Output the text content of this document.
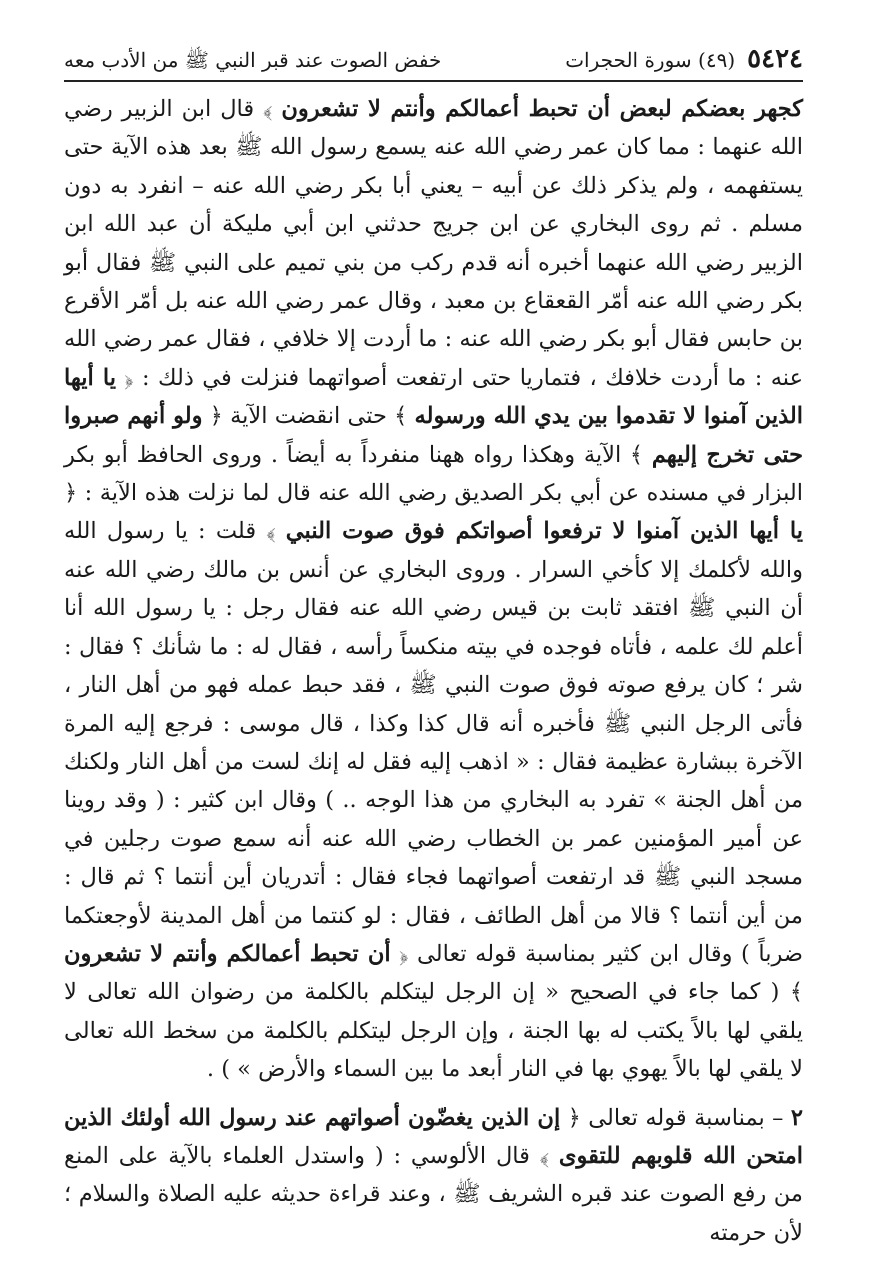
٥٤٢٤
(٤٩) سورة الحجرات
خفض الصوت عند قبر النبي ﷺ من الأدب معه

كجهر بعضكم لبعض أن تحبط أعمالكم وأنتم لا تشعرون ﴾ قال ابن الزبير رضي الله عنهما : مما كان عمر رضي الله عنه يسمع رسول الله ﷺ بعد هذه الآية حتى يستفهمه ، ولم يذكر ذلك عن أبيه – يعني أبا بكر رضي الله عنه – انفرد به دون مسلم . ثم روى البخاري عن ابن جريج حدثني ابن أبي مليكة أن عبد الله ابن الزبير رضي الله عنهما أخبره أنه قدم ركب من بني تميم على النبي ﷺ فقال أبو بكر رضي الله عنه أمّر القعقاع بن معبد ، وقال عمر رضي الله عنه بل أمّر الأقرع بن حابس فقال أبو بكر رضي الله عنه : ما أردت إلا خلافي ، فقال عمر رضي الله عنه : ما أردت خلافك ، فتماريا حتى ارتفعت أصواتهما فنزلت في ذلك : ﴿ يا أيها الذين آمنوا لا تقدموا بين يدي الله ورسوله ﴾ حتى انقضت الآية ﴿ ولو أنهم صبروا حتى تخرج إليهم ﴾ الآية وهكذا رواه ههنا منفرداً به أيضاً . وروى الحافظ أبو بكر البزار في مسنده عن أبي بكر الصديق رضي الله عنه قال لما نزلت هذه الآية : ﴿ يا أيها الذين آمنوا لا ترفعوا أصواتكم فوق صوت النبي ﴾ قلت : يا رسول الله والله لأكلمك إلا كأخي السرار . وروى البخاري عن أنس بن مالك رضي الله عنه أن النبي ﷺ افتقد ثابت بن قيس رضي الله عنه فقال رجل : يا رسول الله أنا أعلم لك علمه ، فأتاه فوجده في بيته منكساً رأسه ، فقال له : ما شأنك ؟ فقال : شر ؛ كان يرفع صوته فوق صوت النبي ﷺ ، فقد حبط عمله فهو من أهل النار ، فأتى الرجل النبي ﷺ فأخبره أنه قال كذا وكذا ، قال موسى : فرجع إليه المرة الآخرة ببشارة عظيمة فقال : « اذهب إليه فقل له إنك لست من أهل النار ولكنك من أهل الجنة » تفرد به البخاري من هذا الوجه .. ) وقال ابن كثير : ( وقد روينا عن أمير المؤمنين عمر بن الخطاب رضي الله عنه أنه سمع صوت رجلين في مسجد النبي ﷺ قد ارتفعت أصواتهما فجاء فقال : أتدريان أين أنتما ؟ ثم قال : من أين أنتما ؟ قالا من أهل الطائف ، فقال : لو كنتما من أهل المدينة لأوجعتكما ضرباً ) وقال ابن كثير بمناسبة قوله تعالى ﴿ أن تحبط أعمالكم وأنتم لا تشعرون ﴾ ( كما جاء في الصحيح « إن الرجل ليتكلم بالكلمة من رضوان الله تعالى لا يلقي لها بالاً يكتب له بها الجنة ، وإن الرجل ليتكلم بالكلمة من سخط الله تعالى لا يلقي لها بالاً يهوي بها في النار أبعد ما بين السماء والأرض » ) .

٢ – بمناسبة قوله تعالى ﴿ إن الذين يغضّون أصواتهم عند رسول الله أولئك الذين امتحن الله قلوبهم للتقوى ﴾ قال الألوسي : ( واستدل العلماء بالآية على المنع من رفع الصوت عند قبره الشريف ﷺ ، وعند قراءة حديثه عليه الصلاة والسلام ؛ لأن حرمته
